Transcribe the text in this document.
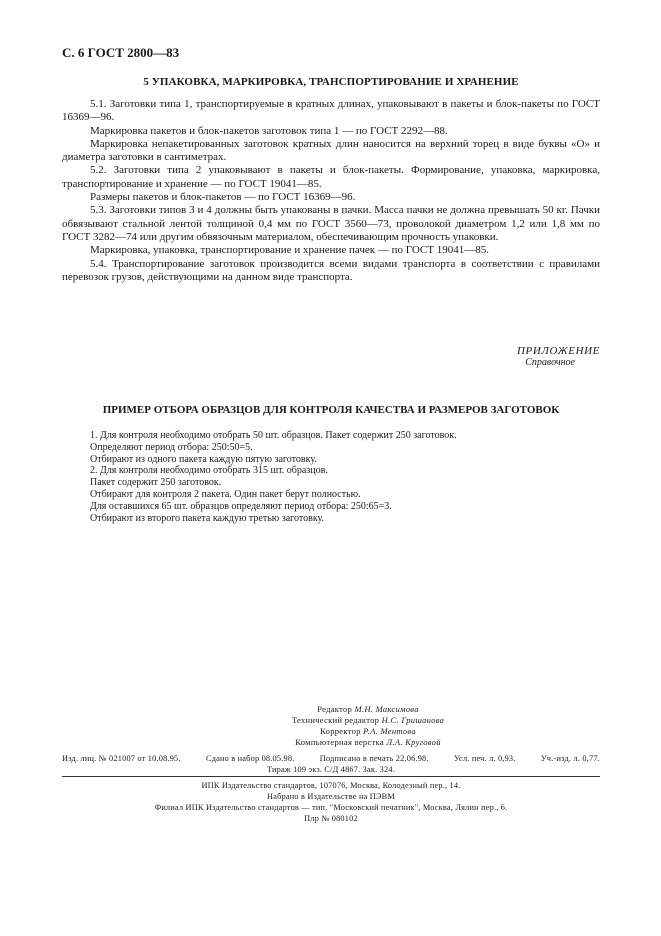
С. 6 ГОСТ 2800—83
5 УПАКОВКА, МАРКИРОВКА, ТРАНСПОРТИРОВАНИЕ И ХРАНЕНИЕ

5.1. Заготовки типа 1, транспортируемые в кратных длинах, упаковывают в пакеты и блок-пакеты по ГОСТ 16369—96.

Маркировка пакетов и блок-пакетов заготовок типа 1 — по ГОСТ 2292—88.

Маркировка непакетированных заготовок кратных длин наносится на верхний торец в виде буквы «О» и диаметра заготовки в сантиметрах.

5.2. Заготовки типа 2 упаковывают в пакеты и блок-пакеты. Формирование, упаковка, маркировка, транспортирование и хранение — по ГОСТ 19041—85.

Размеры пакетов и блок-пакетов — по ГОСТ 16369—96.

5.3. Заготовки типов 3 и 4 должны быть упакованы в пачки. Масса пачки не должна превышать 50 кг. Пачки обвязывают стальной лентой толщиной 0,4 мм по ГОСТ 3560—73, проволокой диаметром 1,2 или 1,8 мм по ГОСТ 3282—74 или другим обвязочным материалом, обеспечивающим прочность упаковки.

Маркировка, упаковка, транспортирование и хранение пачек — по ГОСТ 19041—85.

5.4. Транспортирование заготовок производится всеми видами транспорта в соответствии с правилами перевозок грузов, действующими на данном виде транспорта.

ПРИЛОЖЕНИЕ
Справочное
ПРИМЕР ОТБОРА ОБРАЗЦОВ ДЛЯ КОНТРОЛЯ КАЧЕСТВА И РАЗМЕРОВ ЗАГОТОВОК
1. Для контроля необходимо отобрать 50 шт. образцов. Пакет содержит 250 заготовок.
Определяют период отбора: 250:50=5.
Отбирают из одного пакета каждую пятую заготовку.
2. Для контроля необходимо отобрать 315 шт. образцов.
Пакет содержит 250 заготовок.
Отбирают для контроля 2 пакета. Один пакет берут полностью.
Для оставшихся 65 шт. образцов определяют период отбора: 250:65=3.
Отбирают из второго пакета каждую третью заготовку.
Редактор М.Н. Максимова
Технический редактор Н.С. Гришанова
Корректор Р.А. Ментова
Компьютерная верстка Л.А. Круговой
Изд. лиц. № 021007 от 10.08.95.	Сдано в набор 08.05.98.	Подписано в печать 22.06.98.	Усл. печ. л. 0,93.	Уч.-изд. л. 0,77.
Тираж 109 экз. С/Д 4867. Зак. 324.
ИПК Издательство стандартов, 107076, Москва, Колодезный пер., 14.
Набрано в Издательстве на ПЭВМ
Филиал ИПК Издательство стандартов — тип. "Московский печатник", Москва, Лялин пер., 6.
Плр № 080102
